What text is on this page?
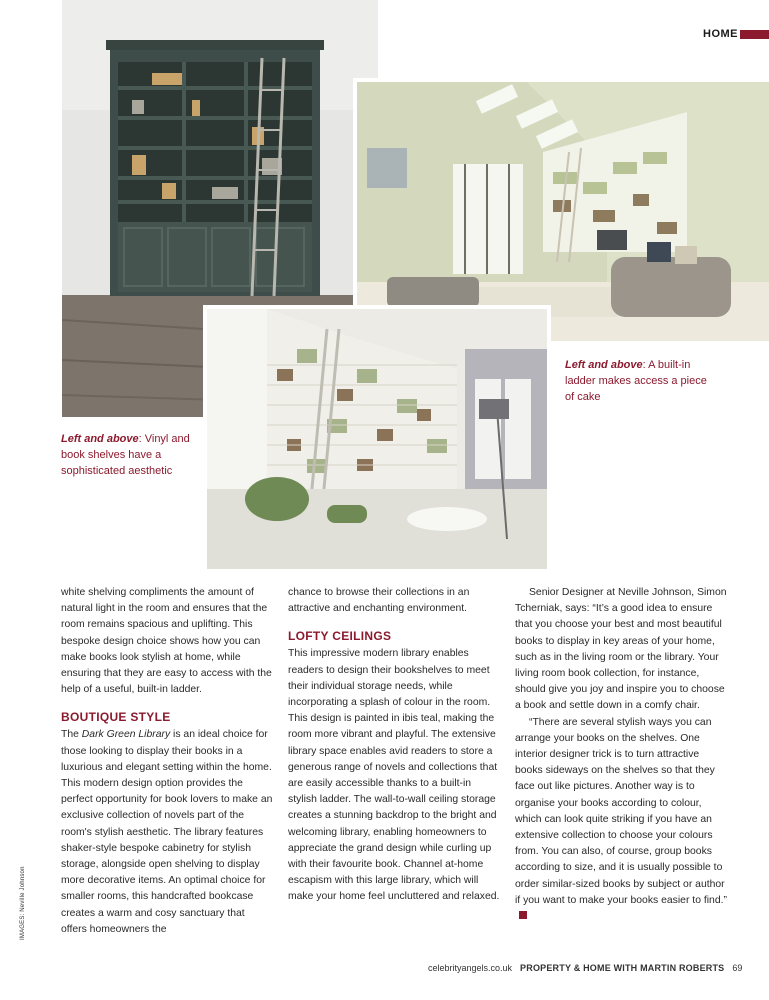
HOME
Left and above: Vinyl and book shelves have a sophisticated aesthetic
Left and above: A built-in ladder makes access a piece of cake

white shelving compliments the amount of natural light in the room and ensures that the room remains spacious and uplifting. This bespoke design choice shows how you can make books look stylish at home, while ensuring that they are easy to access with the help of a useful, built-in ladder.

BOUTIQUE STYLE

The Dark Green Library is an ideal choice for those looking to display their books in a luxurious and elegant setting within the home. This modern design option provides the perfect opportunity for book lovers to make an exclusive collection of novels part of the room's stylish aesthetic. The library features shaker-style bespoke cabinetry for stylish storage, alongside open shelving to display more decorative items. An optimal choice for smaller rooms, this handcrafted bookcase creates a warm and cosy sanctuary that offers homeowners the

chance to browse their collections in an attractive and enchanting environment.

LOFTY CEILINGS

This impressive modern library enables readers to design their bookshelves to meet their individual storage needs, while incorporating a splash of colour in the room. This design is painted in ibis teal, making the room more vibrant and playful. The extensive library space enables avid readers to store a generous range of novels and collections that are easily accessible thanks to a built-in stylish ladder. The wall-to-wall ceiling storage creates a stunning backdrop to the bright and welcoming library, enabling homeowners to appreciate the grand design while curling up with their favourite book. Channel at-home escapism with this large library, which will make your home feel uncluttered and relaxed.

Senior Designer at Neville Johnson, Simon Tcherniak, says: “It’s a good idea to ensure that you choose your best and most beautiful books to display in key areas of your home, such as in the living room or the library. Your living room book collection, for instance, should give you joy and inspire you to choose a book and settle down in a comfy chair.

“There are several stylish ways you can arrange your books on the shelves. One interior designer trick is to turn attractive books sideways on the shelves so that they face out like pictures. Another way is to organise your books according to colour, which can look quite striking if you have an extensive collection to choose your colours from. You can also, of course, group books according to size, and it is usually possible to order similar-sized books by subject or author if you want to make your books easier to find.”

IMAGES: Neville Johnson
celebrityangels.co.uk PROPERTY & HOME WITH MARTIN ROBERTS 69
